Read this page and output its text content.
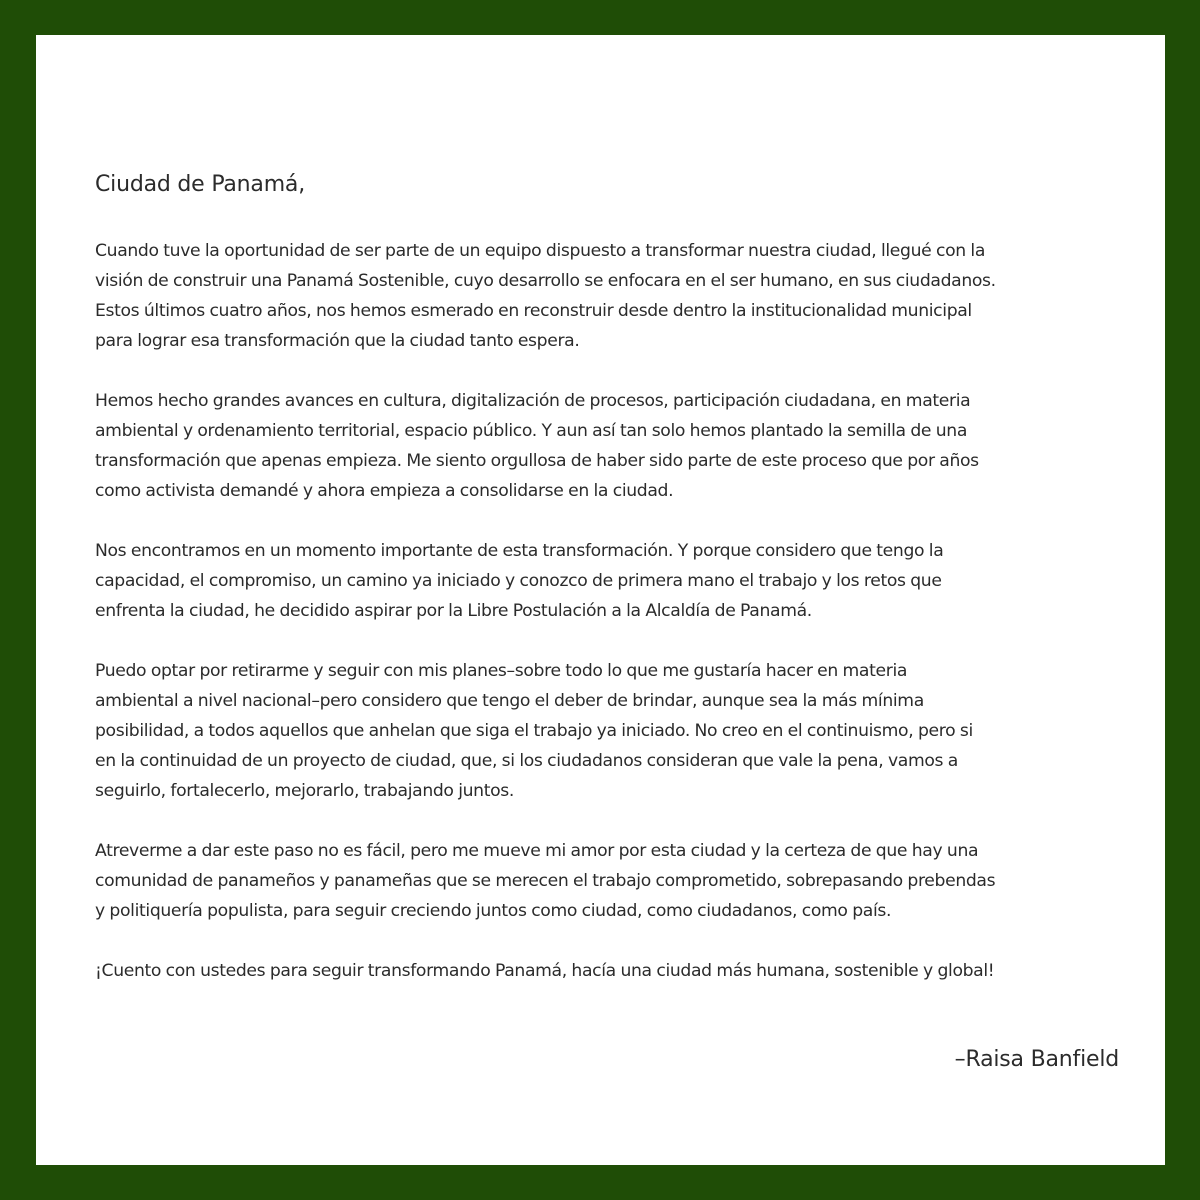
Ciudad de Panamá,

Cuando tuve la oportunidad de ser parte de un equipo dispuesto a transformar nuestra ciudad, llegué con la
visión de construir una Panamá Sostenible, cuyo desarrollo se enfocara en el ser humano, en sus ciudadanos.
Estos últimos cuatro años, nos hemos esmerado en reconstruir desde dentro la institucionalidad municipal
para lograr esa transformación que la ciudad tanto espera.

Hemos hecho grandes avances en cultura, digitalización de procesos, participación ciudadana, en materia
ambiental y ordenamiento territorial, espacio público. Y aun así tan solo hemos plantado la semilla de una
transformación que apenas empieza. Me siento orgullosa de haber sido parte de este proceso que por años
como activista demandé y ahora empieza a consolidarse en la ciudad.

Nos encontramos en un momento importante de esta transformación. Y porque considero que tengo la
capacidad, el compromiso, un camino ya iniciado y conozco de primera mano el trabajo y los retos que
enfrenta la ciudad, he decidido aspirar por la Libre Postulación a la Alcaldía de Panamá.

Puedo optar por retirarme y seguir con mis planes–sobre todo lo que me gustaría hacer en materia
ambiental a nivel nacional–pero considero que tengo el deber de brindar, aunque sea la más mínima
posibilidad, a todos aquellos que anhelan que siga el trabajo ya iniciado. No creo en el continuismo, pero si
en la continuidad de un proyecto de ciudad, que, si los ciudadanos consideran que vale la pena, vamos a
seguirlo, fortalecerlo, mejorarlo, trabajando juntos.

Atreverme a dar este paso no es fácil, pero me mueve mi amor por esta ciudad y la certeza de que hay una
comunidad de panameños y panameñas que se merecen el trabajo comprometido, sobrepasando prebendas
y politiquería populista, para seguir creciendo juntos como ciudad, como ciudadanos, como país.

¡Cuento con ustedes para seguir transformando Panamá, hacía una ciudad más humana, sostenible y global!

–Raisa Banfield
